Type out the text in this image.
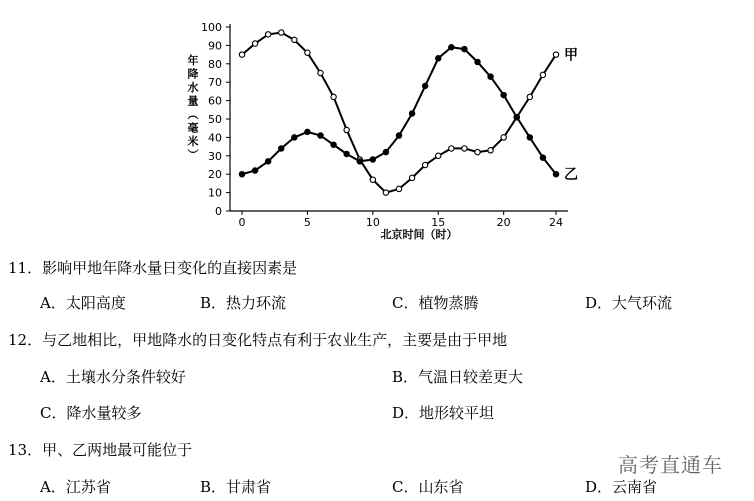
0	5	10	15	20	24
0
10
20
30
40
50
60
70
80
90
100
甲
乙
年降水量︵毫米︶
北京时间（时）
11．影响甲地年降水量日变化的直接因素是
A．太阳高度	B．热力环流	C．植物蒸腾	D．大气环流
12．与乙地相比，甲地降水的日变化特点有利于农业生产，主要是由于甲地
A．土壤水分条件较好	B．气温日较差更大
C．降水量较多	D．地形较平坦
13．甲、乙两地最可能位于
A．江苏省	B．甘肃省	C．山东省	D．云南省
高考直通车
